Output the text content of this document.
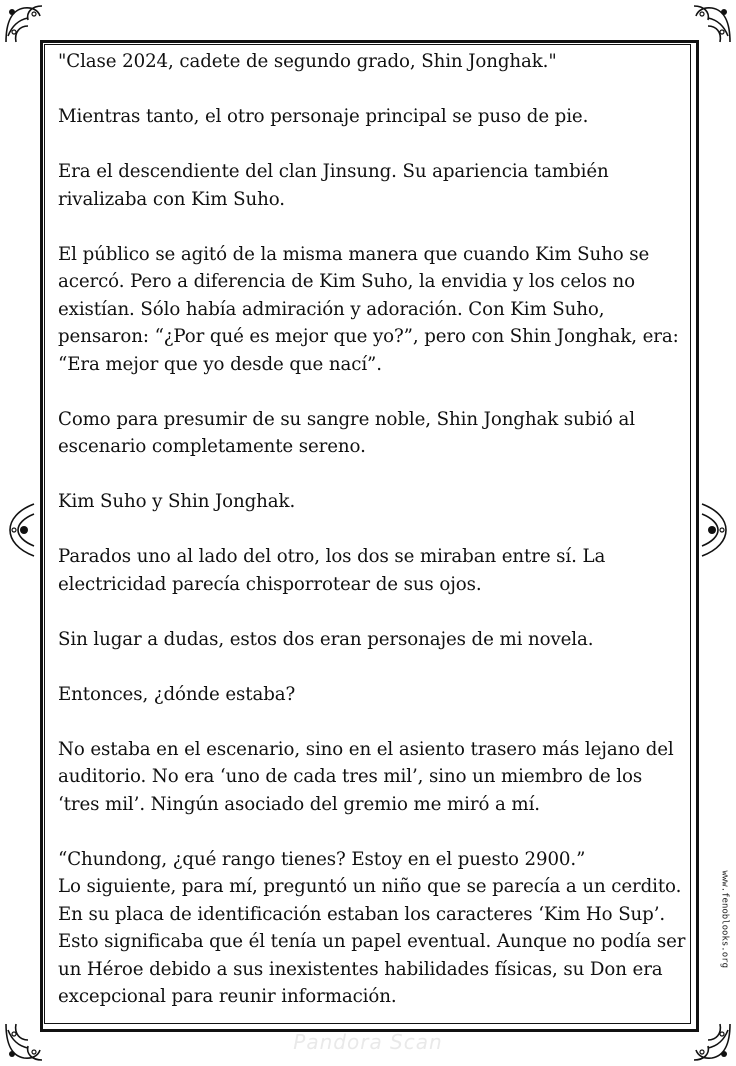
"Clase 2024, cadete de segundo grado, Shin Jonghak."

Mientras tanto, el otro personaje principal se puso de pie.

Era el descendiente del clan Jinsung. Su apariencia también rivalizaba con Kim Suho.

El público se agitó de la misma manera que cuando Kim Suho se acercó. Pero a diferencia de Kim Suho, la envidia y los celos no existían. Sólo había admiración y adoración. Con Kim Suho, pensaron: “¿Por qué es mejor que yo?”, pero con Shin Jonghak, era: “Era mejor que yo desde que nací”.

Como para presumir de su sangre noble, Shin Jonghak subió al escenario completamente sereno.

Kim Suho y Shin Jonghak.

Parados uno al lado del otro, los dos se miraban entre sí. La electricidad parecía chisporrotear de sus ojos.

Sin lugar a dudas, estos dos eran personajes de mi novela.

Entonces, ¿dónde estaba?

No estaba en el escenario, sino en el asiento trasero más lejano del auditorio. No era ‘uno de cada tres mil’, sino un miembro de los ‘tres mil’. Ningún asociado del gremio me miró a mí.

“Chundong, ¿qué rango tienes? Estoy en el puesto 2900.”

Lo siguiente, para mí, preguntó un niño que se parecía a un cerdito. En su placa de identificación estaban los caracteres ‘Kim Ho Sup’. Esto significaba que él tenía un papel eventual. Aunque no podía ser un Héroe debido a sus inexistentes habilidades físicas, su Don era excepcional para reunir información.

www.fenoblooks.org
Pandora Scan
